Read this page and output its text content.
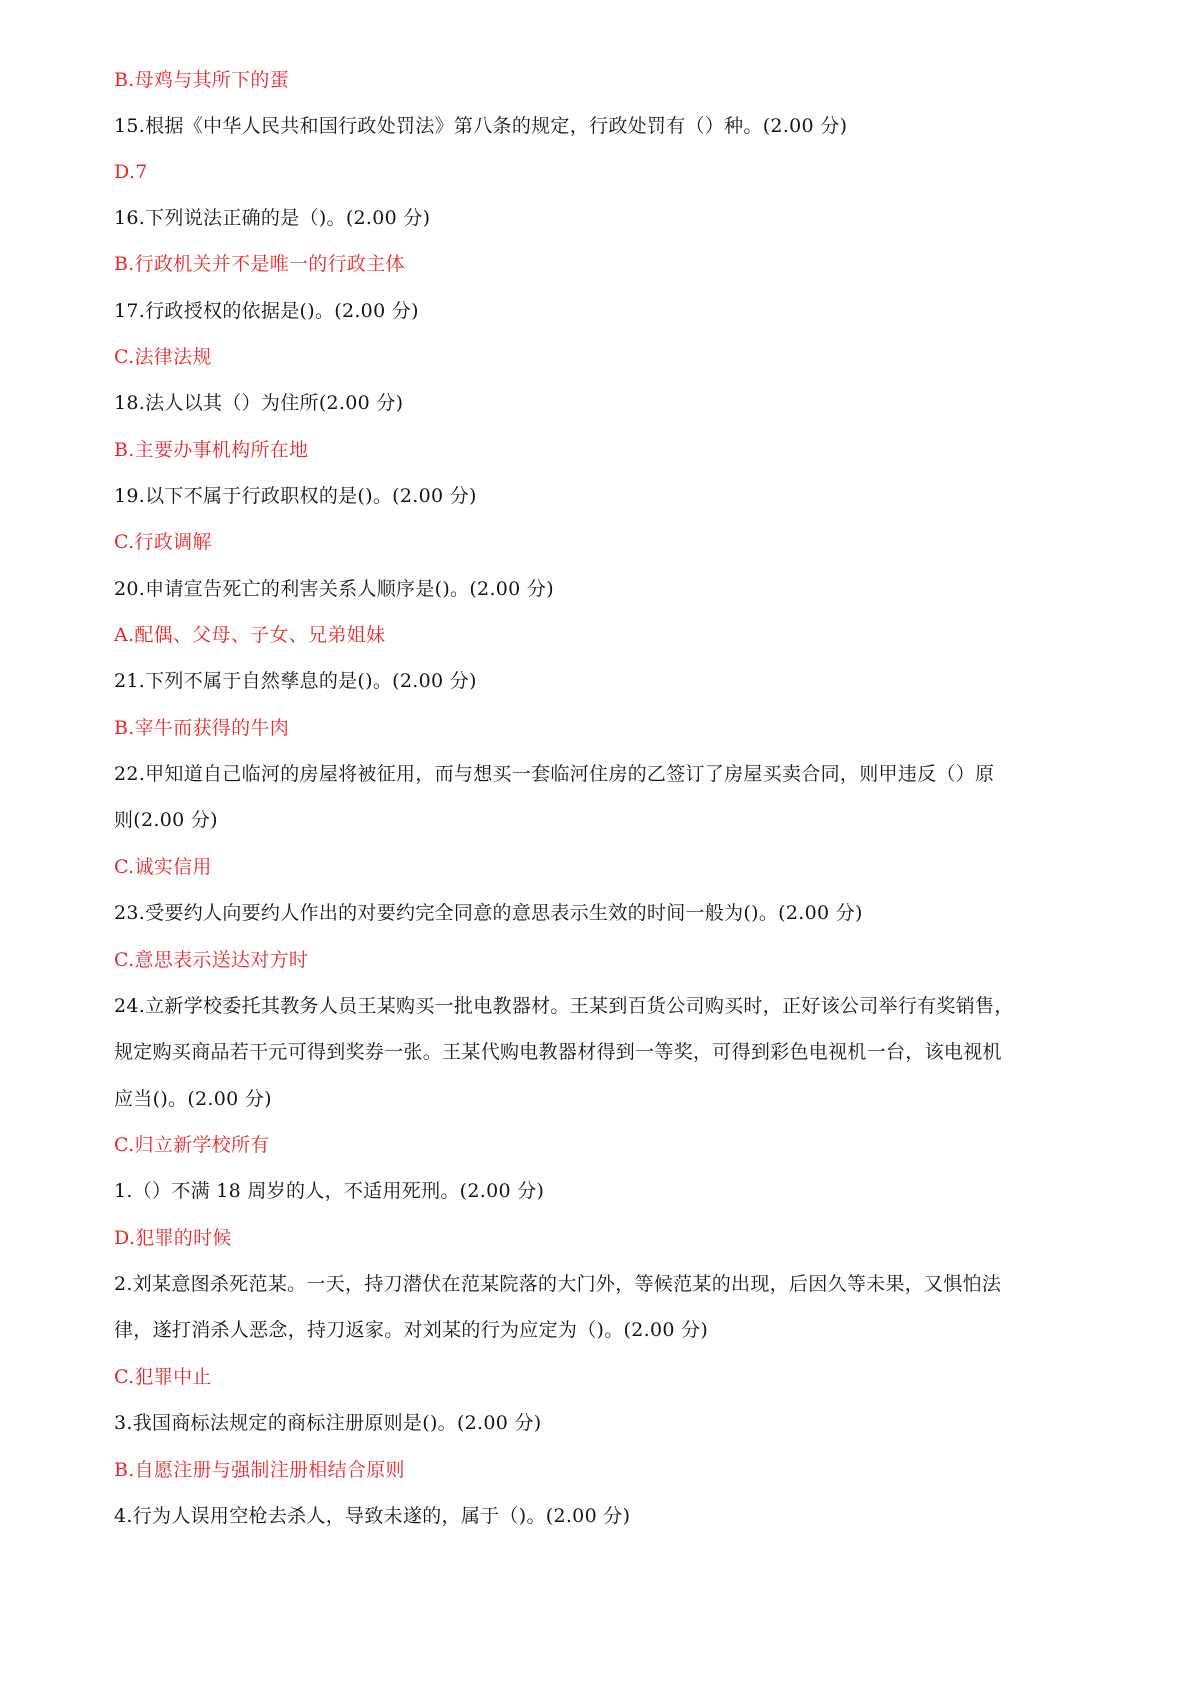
B.母鸡与其所下的蛋

15.根据《中华人民共和国行政处罚法》第八条的规定，行政处罚有（）种。(2.00 分)

D.7

16.下列说法正确的是（)。(2.00 分)

B.行政机关并不是唯一的行政主体

17.行政授权的依据是()。(2.00 分)

C.法律法规

18.法人以其（）为住所(2.00 分)

B.主要办事机构所在地

19.以下不属于行政职权的是()。(2.00 分)

C.行政调解

20.申请宣告死亡的利害关系人顺序是()。(2.00 分)

A.配偶、父母、子女、兄弟姐妹

21.下列不属于自然孳息的是()。(2.00 分)

B.宰牛而获得的牛肉

22.甲知道自己临河的房屋将被征用，而与想买一套临河住房的乙签订了房屋买卖合同，则甲违反（）原

则(2.00 分)

C.诚实信用

23.受要约人向要约人作出的对要约完全同意的意思表示生效的时间一般为()。(2.00 分)

C.意思表示送达对方时

24.立新学校委托其教务人员王某购买一批电教器材。王某到百货公司购买时，正好该公司举行有奖销售，

规定购买商品若干元可得到奖券一张。王某代购电教器材得到一等奖，可得到彩色电视机一台，该电视机

应当()。(2.00 分)

C.归立新学校所有

1.（）不满 18 周岁的人，不适用死刑。(2.00 分)

D.犯罪的时候

2.刘某意图杀死范某。一天，持刀潜伏在范某院落的大门外，等候范某的出现，后因久等未果，又惧怕法

律，遂打消杀人恶念，持刀返家。对刘某的行为应定为（)。(2.00 分)

C.犯罪中止

3.我国商标法规定的商标注册原则是()。(2.00 分)

B.自愿注册与强制注册相结合原则

4.行为人误用空枪去杀人，导致未遂的，属于（)。(2.00 分)
